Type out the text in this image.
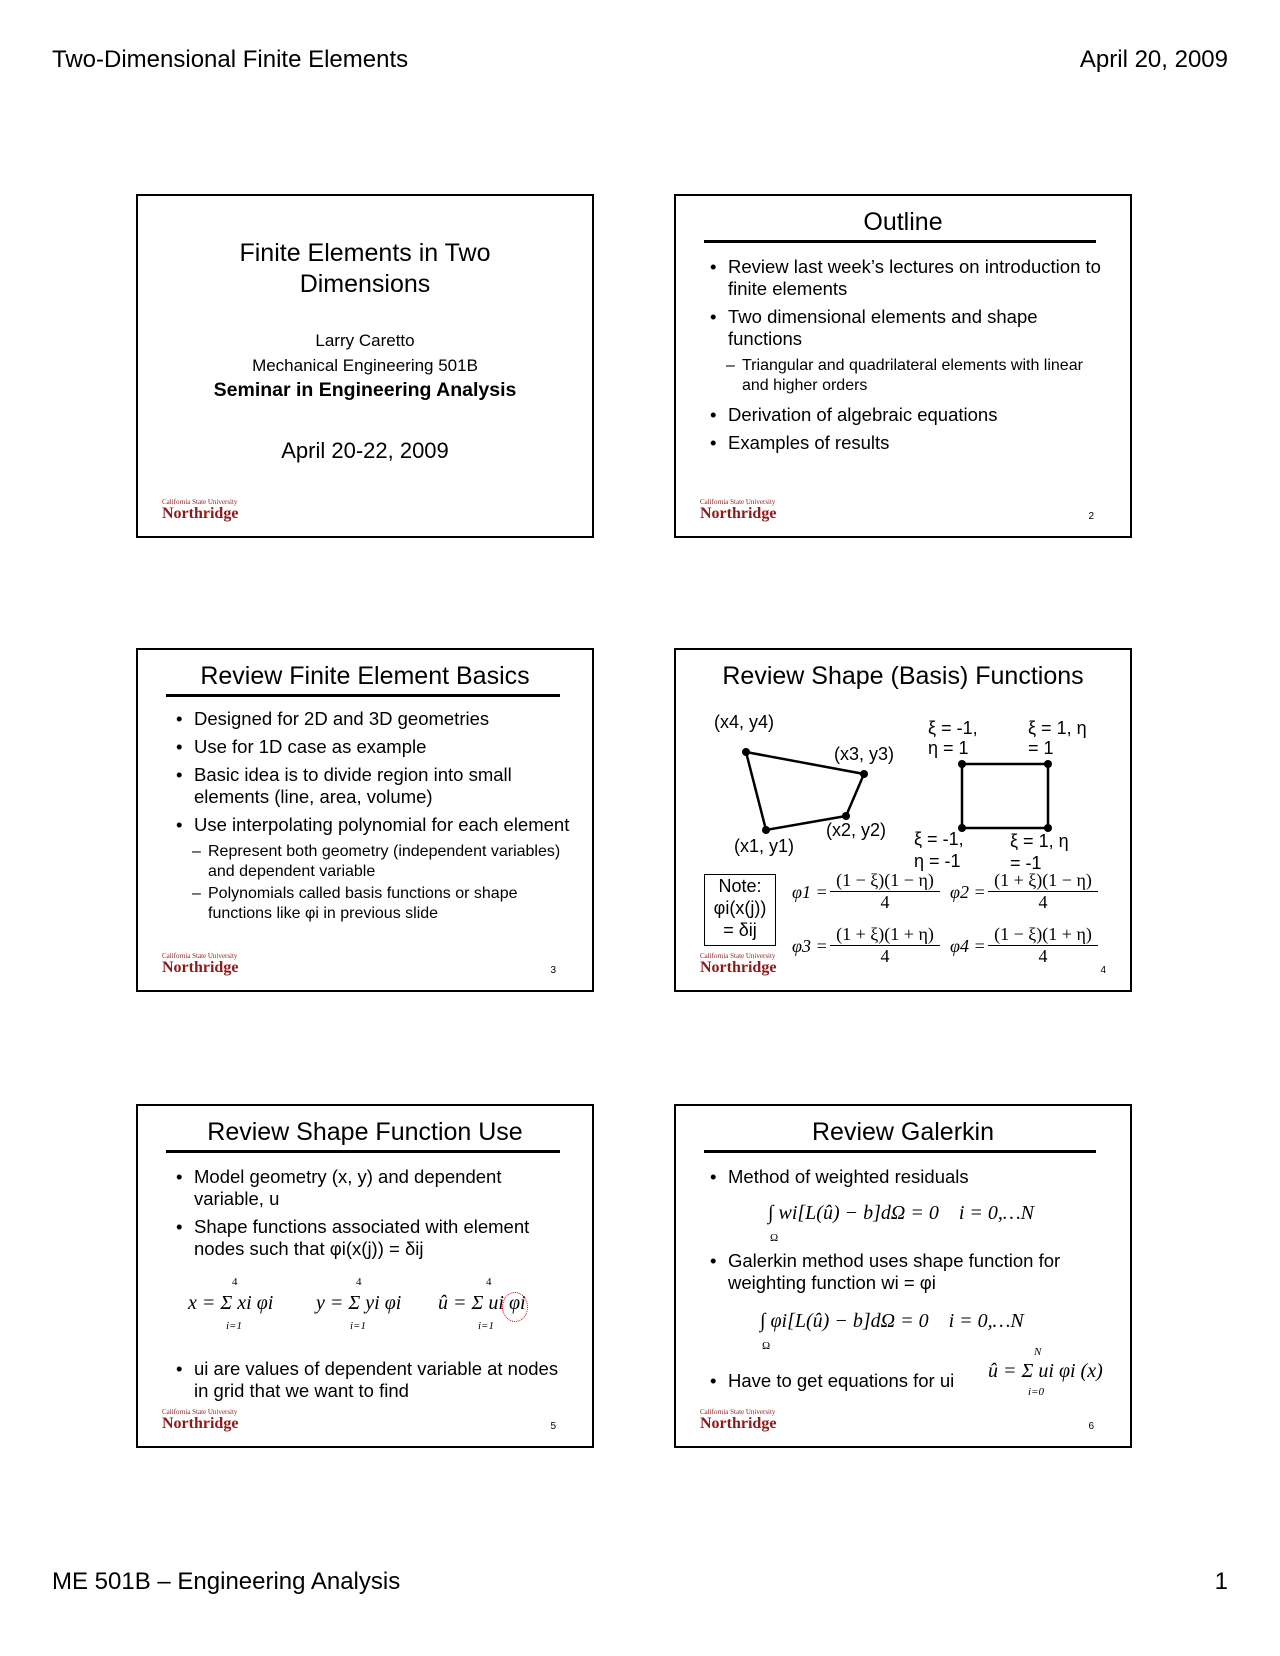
Two-Dimensional Finite Elements	April 20, 2009
ME 501B – Engineering Analysis	1
Finite Elements in Two
Dimensions
Larry Caretto
Mechanical Engineering 501B
Seminar in Engineering Analysis
April 20-22, 2009
California State University
Northridge
Outline
• Review last week’s lectures on introduction to finite elements
• Two dimensional elements and shape functions
– Triangular and quadrilateral elements with linear and higher orders
• Derivation of algebraic equations
• Examples of results
California State University
Northridge	2
Review Finite Element Basics
• Designed for 2D and 3D geometries
• Use for 1D case as example
• Basic idea is to divide region into small elements (line, area, volume)
• Use interpolating polynomial for each element
– Represent both geometry (independent variables) and dependent variable
– Polynomials called basis functions or shape functions like φi in previous slide
California State University
Northridge	3
Review Shape (Basis) Functions
(x4, y4)
(x3, y3)
(x2, y2)
(x1, y1)
ξ = -1, η = 1
ξ = 1, η = 1
ξ = -1, η = -1
ξ = 1, η = -1
Note:
φi(x(j))
= δij
$\varphi 1 = \frac{(1 - \xi)(1 - \eta)}{4} \varphi 2 = \frac{(1 + \xi)(1 - \eta)}{4}$
$\varphi 3 = \frac{(1 + \xi)(1 + \eta)}{4} \varphi 4 = \frac{(1 - \xi)(1 + \eta)}{4}$
California State University
Northridge	4
Review Shape Function Use
• Model geometry (x, y) and dependent variable, u
• Shape functions associated with element nodes such that φi(x(j)) = δij
4	4	4
x = Σ xi φi y = Σ yi φi û = Σ ui φi
i=1	i=1	i=1
• ui are values of dependent variable at nodes in grid that we want to find
California State University
Northridge	5
Review Galerkin
• Method of weighted residuals
∫ wi[L(û) − b]dΩ = 0    i = 0,…N
Ω
• Galerkin method uses shape function for weighting function wi = φi
∫ φi[L(û) − b]dΩ = 0    i = 0,…N
Ω
• Have to get equations for ui
N
û = Σ ui φi (x)
i=0
California State University
Northridge	6
